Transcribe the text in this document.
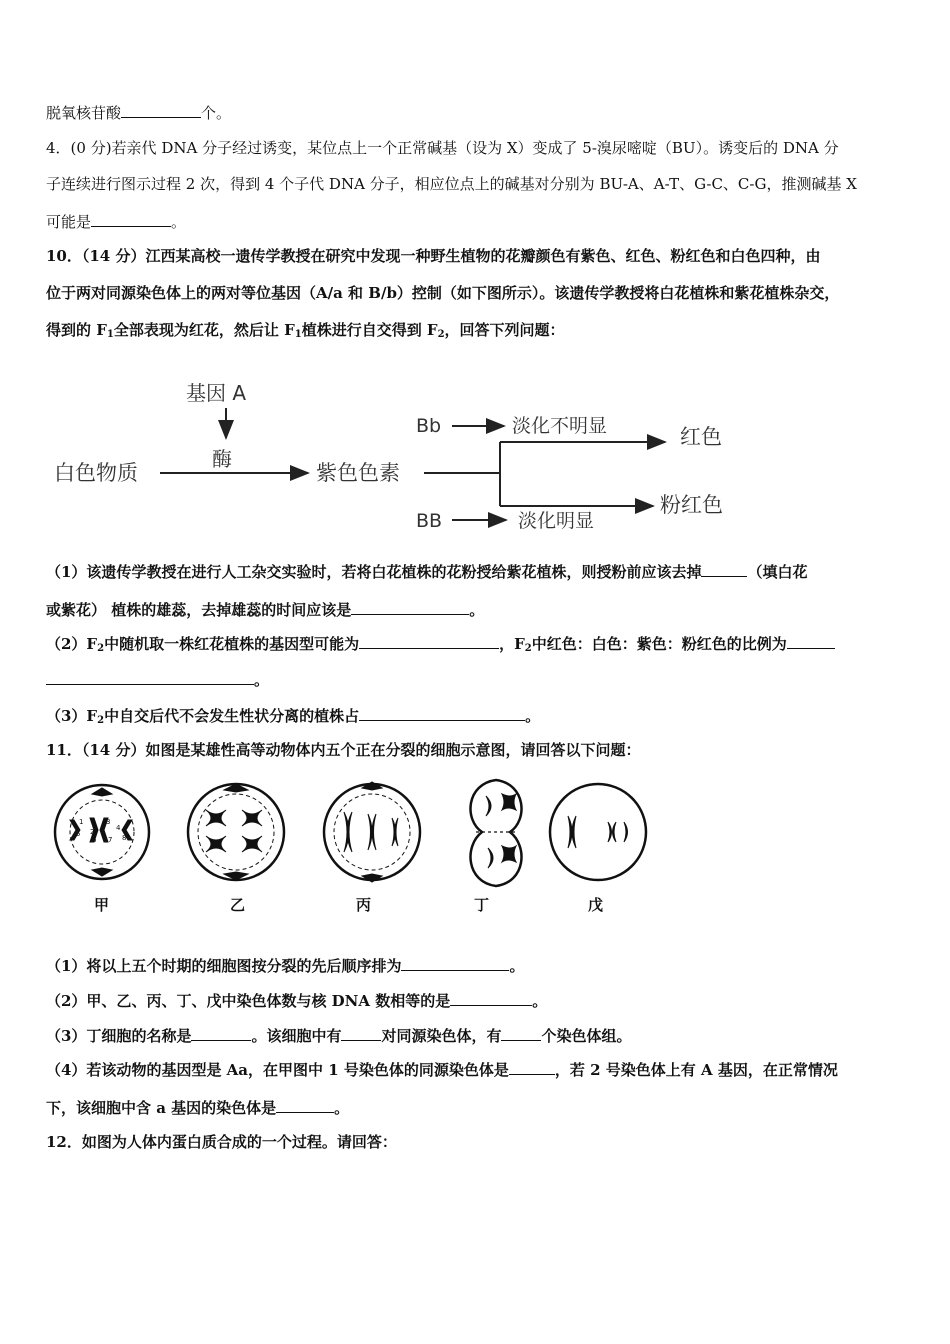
脱氧核苷酸	个。
4．(0 分)若亲代 DNA 分子经过诱变，某位点上一个正常碱基（设为 X）变成了 5-溴尿嘧啶（BU）。诱变后的 DNA 分
子连续进行图示过程 2 次，得到 4 个子代 DNA 分子，相应位点上的碱基对分别为 BU-A、A-T、G-C、C-G，推测碱基 X
可能是	。
10．（14 分）江西某高校一遗传学教授在研究中发现一种野生植物的花瓣颜色有紫色、红色、粉红色和白色四种，由
位于两对同源染色体上的两对等位基因（A/a 和 B/b）控制（如下图所示）。该遗传学教授将白花植株和紫花植株杂交，
得到的 $F_1$全部表现为红花，然后让 $F_1$植株进行自交得到 $F_2$，回答下列问题：
基因 A
酶
白色物质	紫色色素
Bb	淡化不明显	红色
BB	淡化明显
粉红色
（1）该遗传学教授在进行人工杂交实验时，若将白花植株的花粉授给紫花植株，则授粉前应该去掉	（填白花
或紫花） 植株的雄蕊，去掉雄蕊的时间应该是	。
$(2)F_2$中随机取一株红花植株的基因型可能为	，$F_2$中红色：白色：紫色：粉红色的比例为
。
$(3)F_2$中自交后代不会发生性状分离的植株占	。
11．（14 分）如图是某雄性高等动物体内五个正在分裂的细胞示意图，请回答以下问题：
1
2
3
4
5
6 7 8
甲	乙	丙	丁	戊
（1）将以上五个时期的细胞图按分裂的先后顺序排为	。
（2）甲、乙、丙、丁、戊中染色体数与核 DNA 数相等的是	。
（3）丁细胞的名称是	。该细胞中有	对同源染色体，有	个染色体组。
（4）若该动物的基因型是 Aa，在甲图中 1 号染色体的同源染色体是	，若 2 号染色体上有 A 基因，在正常情况
下，该细胞中含 a 基因的染色体是	。
12．如图为人体内蛋白质合成的一个过程。请回答：
